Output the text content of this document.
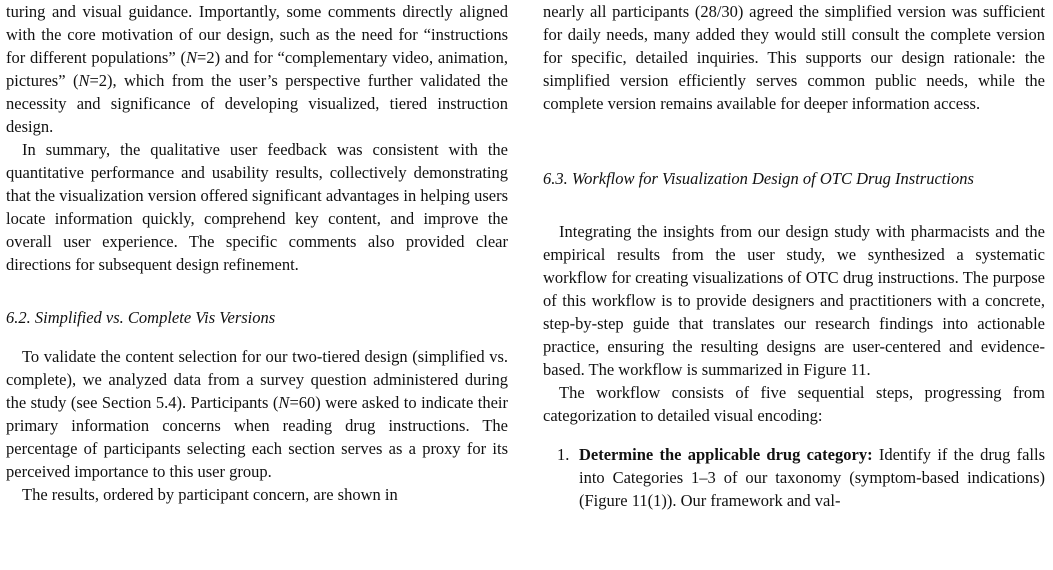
turing and visual guidance. Importantly, some comments directly aligned with the core motivation of our design, such as the need for “instructions for different populations” (N=2) and for “complementary video, animation, pictures” (N=2), which from the user’s perspective further validated the necessity and significance of developing visualized, tiered instruction design.

In summary, the qualitative user feedback was consistent with the quantitative performance and usability results, collectively demonstrating that the visualization version offered significant advantages in helping users locate information quickly, comprehend key content, and improve the overall user experience. The specific comments also provided clear directions for subsequent design refinement.

6.2. Simplified vs. Complete Vis Versions

To validate the content selection for our two-tiered design (simplified vs. complete), we analyzed data from a survey question administered during the study (see Section 5.4). Participants (N=60) were asked to indicate their primary information concerns when reading drug instructions. The percentage of participants selecting each section serves as a proxy for its perceived importance to this user group.

The results, ordered by participant concern, are shown in

nearly all participants (28/30) agreed the simplified version was sufficient for daily needs, many added they would still consult the complete version for specific, detailed inquiries. This supports our design rationale: the simplified version efficiently serves common public needs, while the complete version remains available for deeper information access.

6.3. Workflow for Visualization Design of OTC Drug Instructions

Integrating the insights from our design study with pharmacists and the empirical results from the user study, we synthesized a systematic workflow for creating visualizations of OTC drug instructions. The purpose of this workflow is to provide designers and practitioners with a concrete, step-by-step guide that translates our research findings into actionable practice, ensuring the resulting designs are user-centered and evidence-based. The workflow is summarized in Figure 11.

The workflow consists of five sequential steps, progressing from categorization to detailed visual encoding:

1. Determine the applicable drug category: Identify if the drug falls into Categories 1–3 of our taxonomy (symptom-based indications) (Figure 11(1)). Our framework and val-
